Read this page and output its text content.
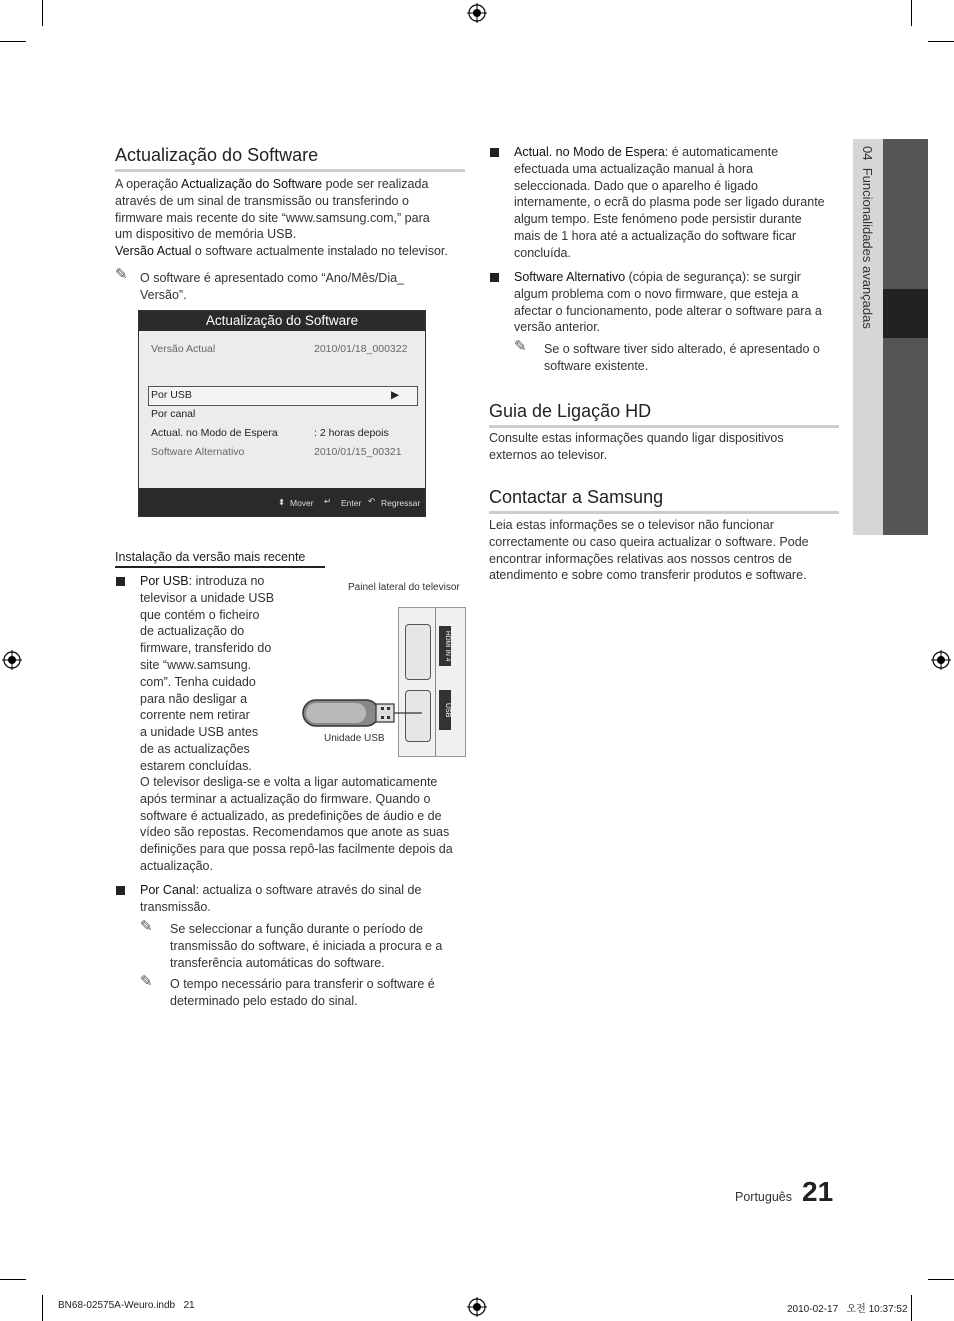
04  Funcionalidades avançadas
Actualização do Software
A operação Actualização do Software pode ser realizada
através de um sinal de transmissão ou transferindo o
firmware mais recente do site “www.samsung.com,” para
um dispositivo de memória USB.
Versão Actual o software actualmente instalado no televisor.
✎ O software é apresentado como “Ano/Mês/Dia_
Versão”.
Actualização do Software
Versão Actual	2010/01/18_000322
Por USB	▶
Por canal
Actual. no Modo de Espera	: 2 horas depois
Software Alternativo	2010/01/15_00321
⬍ Mover ↵ Enter ↶ Regressar
Instalação da versão mais recente
Por USB: introduza no
televisor a unidade USB
que contém o ficheiro
de actualização do
firmware, transferido do
site “www.samsung.
com”. Tenha cuidado
para não desligar a
corrente nem retirar
a unidade USB antes
de as actualizações
estarem concluídas.
O televisor desliga-se e volta a ligar automaticamente
após terminar a actualização do firmware. Quando o
software é actualizado, as predefinições de áudio e de
vídeo são repostas. Recomendamos que anote as suas
definições para que possa repô-las facilmente depois da
actualização.
Painel lateral do televisor
HDMI IN 4
USB
Unidade USB
Por Canal: actualiza o software através do sinal de
transmissão.
✎ Se seleccionar a função durante o período de
transmissão do software, é iniciada a procura e a
transferência automáticas do software.
✎ O tempo necessário para transferir o software é
determinado pelo estado do sinal.
Actual. no Modo de Espera: é automaticamente
efectuada uma actualização manual à hora
seleccionada. Dado que o aparelho é ligado
internamente, o ecrã do plasma pode ser ligado durante
algum tempo. Este fenómeno pode persistir durante
mais de 1 hora até a actualização do software ficar
concluída.
Software Alternativo (cópia de segurança): se surgir
algum problema com o novo firmware, que esteja a
afectar o funcionamento, pode alterar o software para a
versão anterior.
✎ Se o software tiver sido alterado, é apresentado o
software existente.
Guia de Ligação HD
Consulte estas informações quando ligar dispositivos
externos ao televisor.
Contactar a Samsung
Leia estas informações se o televisor não funcionar
correctamente ou caso queira actualizar o software. Pode
encontrar informações relativas aos nossos centros de
atendimento e sobre como transferir produtos e software.
Português 21
BN68-02575A-Weuro.indb   21	2010-02-17   오전 10:37:52
